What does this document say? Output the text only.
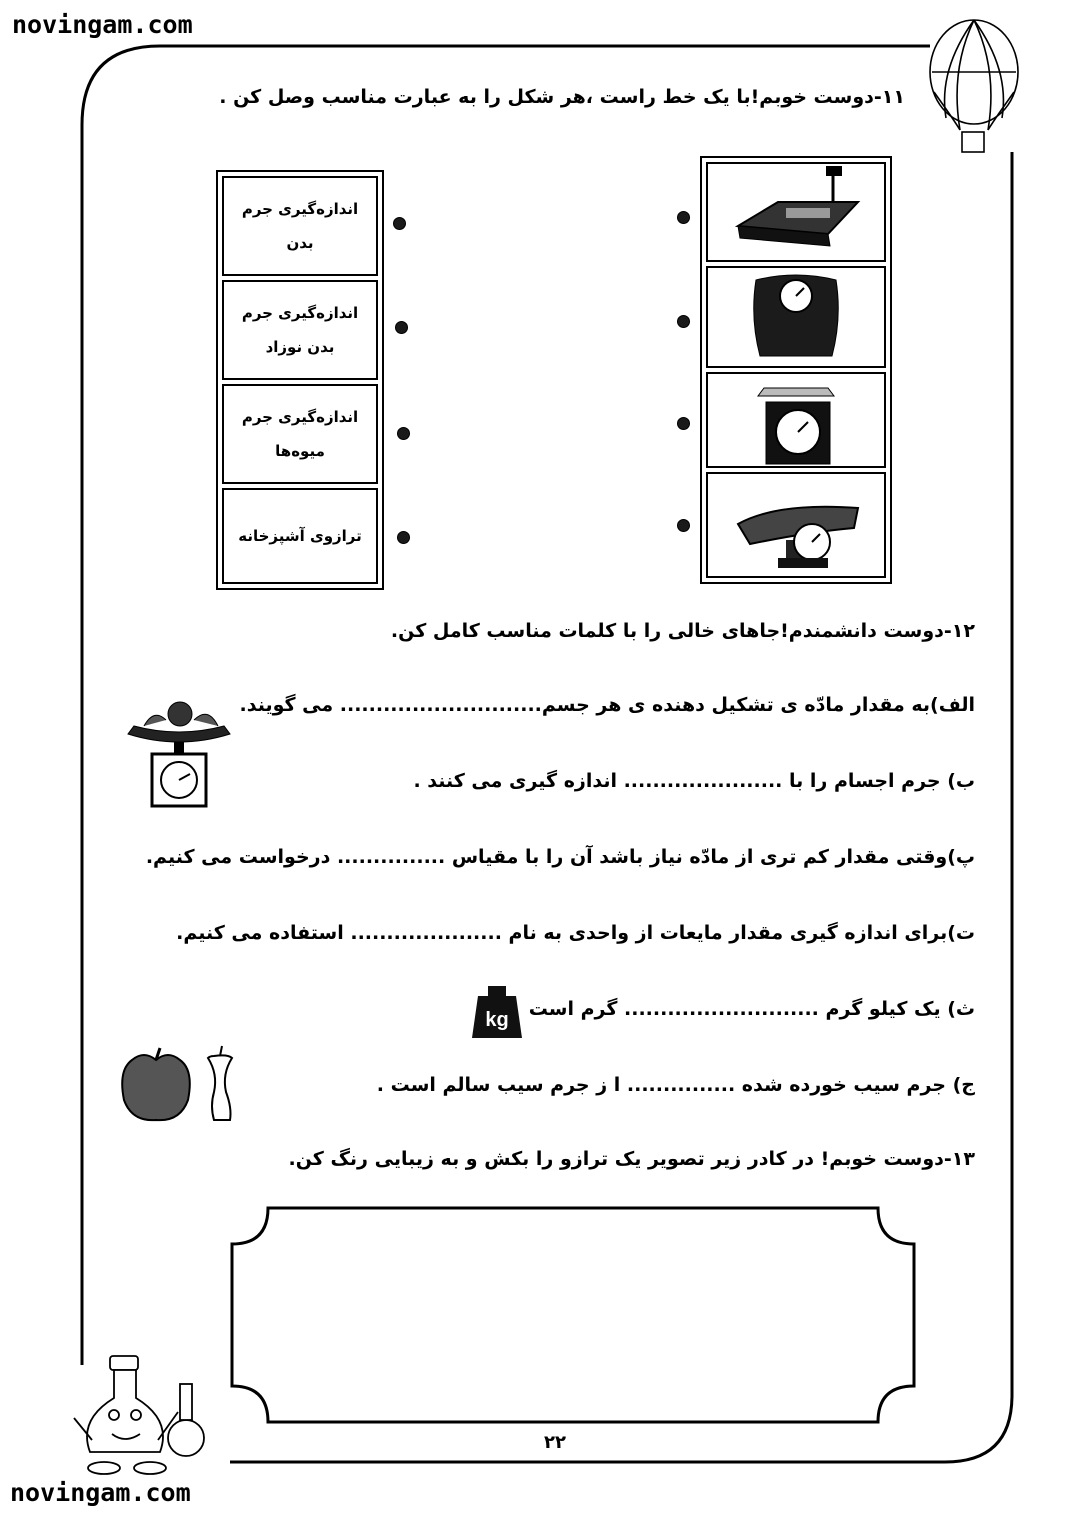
novingam.com
novingam.com
۱۱-دوست خوبم!با یک خط راست ،هر شکل را به عبارت مناسب وصل کن .
اندازه‌گیری جرم
بدن
اندازه‌گیری جرم
بدن نوزاد
اندازه‌گیری جرم
میوه‌ها
ترازوی آشپزخانه
۱۲-دوست دانشمندم!جاهای خالی را با کلمات مناسب کامل کن.
الف)به مقدار مادّه ی تشکیل دهنده ی هر جسم............................ می گویند.
ب) جرم اجسام را با ...................... اندازه گیری می کنند .
پ)وقتی مقدار کم تری از مادّه نیاز باشد آن را با مقیاس ............... درخواست می کنیم.
ت)برای اندازه گیری مقدار مایعات از واحدی به نام ..................... استفاده می کنیم.
ث) یک کیلو گرم ........................... گرم است
ج) جرم سیب خورده شده ............... ا ز جرم سیب سالم است .
kg
۱۳-دوست خوبم! در کادر زیر تصویر یک ترازو را بکش و به زیبایی رنگ کن.
۲۲
